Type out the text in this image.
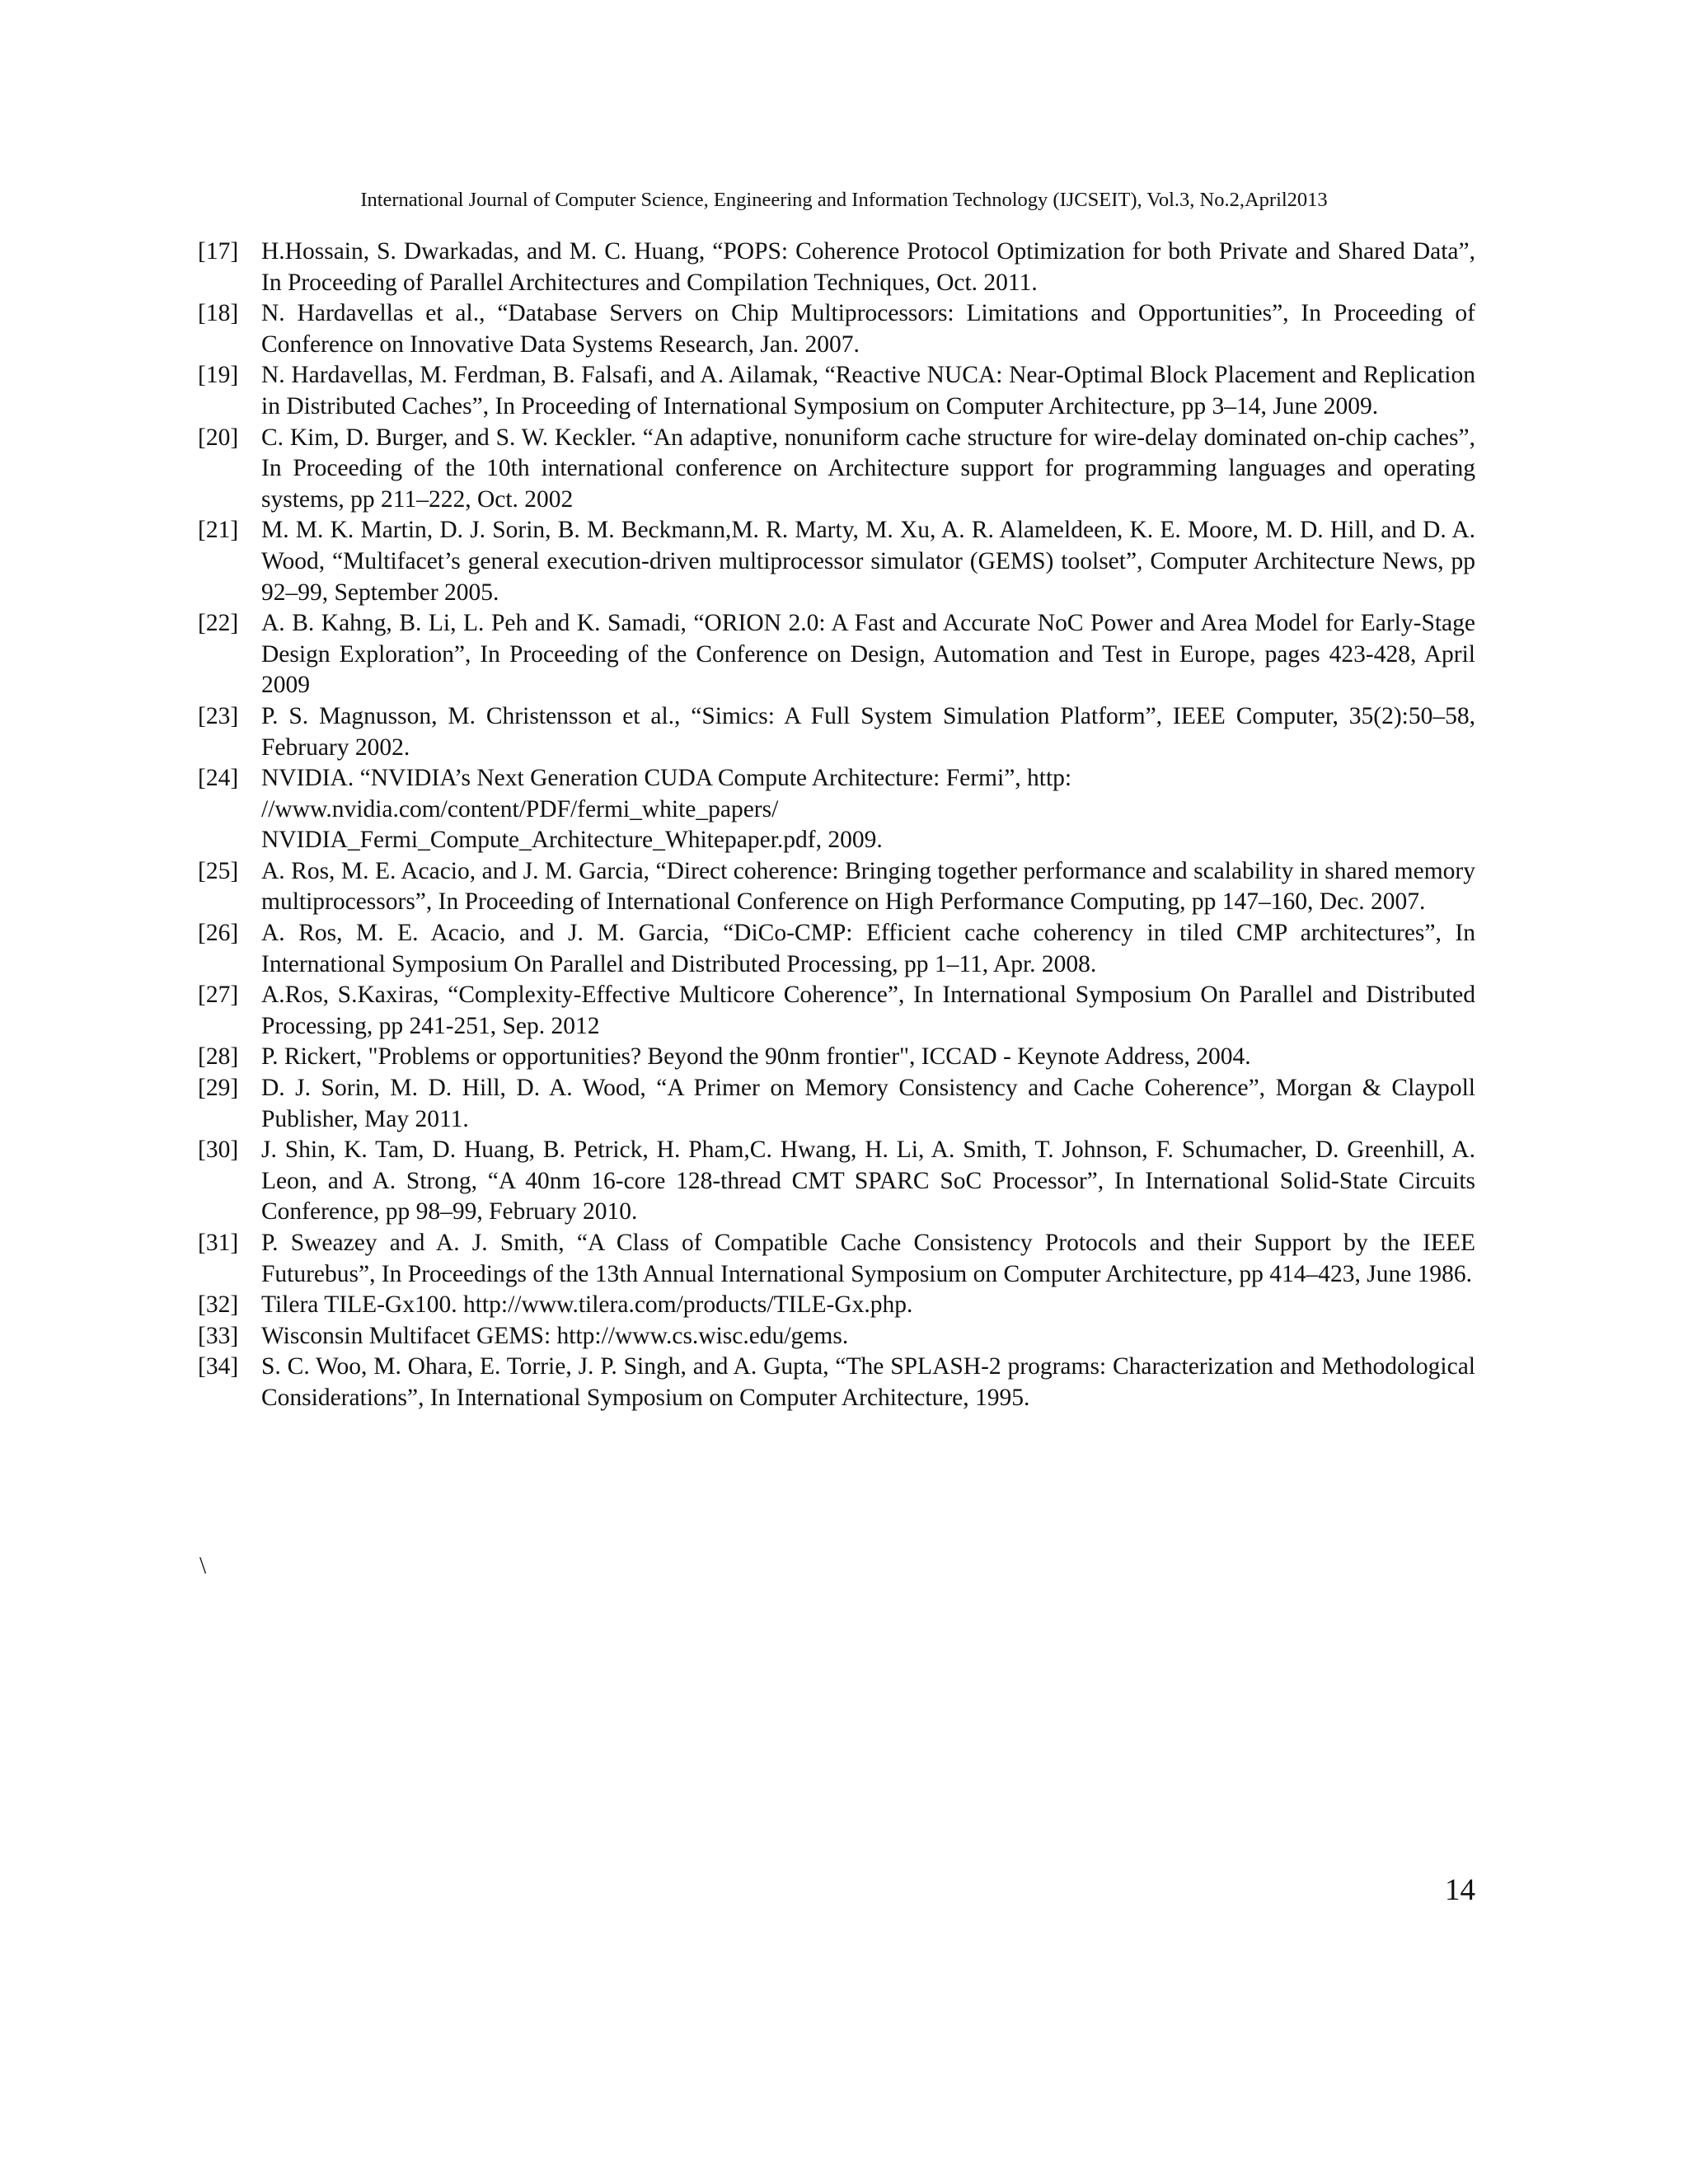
International Journal of Computer Science, Engineering and Information Technology (IJCSEIT), Vol.3, No.2,April2013
[17] H.Hossain, S. Dwarkadas, and M. C. Huang, “POPS: Coherence Protocol Optimization for both Private and Shared Data”, In Proceeding of Parallel Architectures and Compilation Techniques, Oct. 2011.
[18] N. Hardavellas et al., “Database Servers on Chip Multiprocessors: Limitations and Opportunities”, In Proceeding of Conference on Innovative Data Systems Research, Jan. 2007.
[19] N. Hardavellas, M. Ferdman, B. Falsafi, and A. Ailamak, “Reactive NUCA: Near-Optimal Block Placement and Replication in Distributed Caches”, In Proceeding of International Symposium on Computer Architecture, pp 3–14, June 2009.
[20] C. Kim, D. Burger, and S. W. Keckler. “An adaptive, nonuniform cache structure for wire-delay dominated on-chip caches”, In Proceeding of the 10th international conference on Architecture support for programming languages and operating systems, pp 211–222, Oct. 2002
[21] M. M. K. Martin, D. J. Sorin, B. M. Beckmann,M. R. Marty, M. Xu, A. R. Alameldeen, K. E. Moore, M. D. Hill, and D. A. Wood, “Multifacet’s general execution-driven multiprocessor simulator (GEMS) toolset”, Computer Architecture News, pp 92–99, September 2005.
[22] A. B. Kahng, B. Li, L. Peh and K. Samadi, “ORION 2.0: A Fast and Accurate NoC Power and Area Model for Early-Stage Design Exploration”, In Proceeding of the Conference on Design, Automation and Test in Europe, pages 423-428, April 2009
[23] P. S. Magnusson, M. Christensson et al., “Simics: A Full System Simulation Platform”, IEEE Computer, 35(2):50–58, February 2002.
[24] NVIDIA. “NVIDIA’s Next Generation CUDA Compute Architecture: Fermi”, http:
//www.nvidia.com/content/PDF/fermi_white_papers/
NVIDIA_Fermi_Compute_Architecture_Whitepaper.pdf, 2009.
[25] A. Ros, M. E. Acacio, and J. M. Garcia, “Direct coherence: Bringing together performance and scalability in shared memory multiprocessors”, In Proceeding of International Conference on High Performance Computing, pp 147–160, Dec. 2007.
[26] A. Ros, M. E. Acacio, and J. M. Garcia, “DiCo-CMP: Efficient cache coherency in tiled CMP architectures”, In International Symposium On Parallel and Distributed Processing, pp 1–11, Apr. 2008.
[27] A.Ros, S.Kaxiras, “Complexity-Effective Multicore Coherence”, In International Symposium On Parallel and Distributed Processing, pp 241-251, Sep. 2012
[28] P. Rickert, "Problems or opportunities? Beyond the 90nm frontier", ICCAD - Keynote Address, 2004.
[29] D. J. Sorin, M. D. Hill, D. A. Wood, “A Primer on Memory Consistency and Cache Coherence”, Morgan & Claypoll Publisher, May 2011.
[30] J. Shin, K. Tam, D. Huang, B. Petrick, H. Pham,C. Hwang, H. Li, A. Smith, T. Johnson, F. Schumacher, D. Greenhill, A. Leon, and A. Strong, “A 40nm 16-core 128-thread CMT SPARC SoC Processor”, In International Solid-State Circuits Conference, pp 98–99, February 2010.
[31] P. Sweazey and A. J. Smith, “A Class of Compatible Cache Consistency Protocols and their Support by the IEEE Futurebus”, In Proceedings of the 13th Annual International Symposium on Computer Architecture, pp 414–423, June 1986.
[32] Tilera TILE-Gx100. http://www.tilera.com/products/TILE-Gx.php.
[33] Wisconsin Multifacet GEMS: http://www.cs.wisc.edu/gems.
[34] S. C. Woo, M. Ohara, E. Torrie, J. P. Singh, and A. Gupta, “The SPLASH-2 programs: Characterization and Methodological Considerations”, In International Symposium on Computer Architecture, 1995.
\
14
